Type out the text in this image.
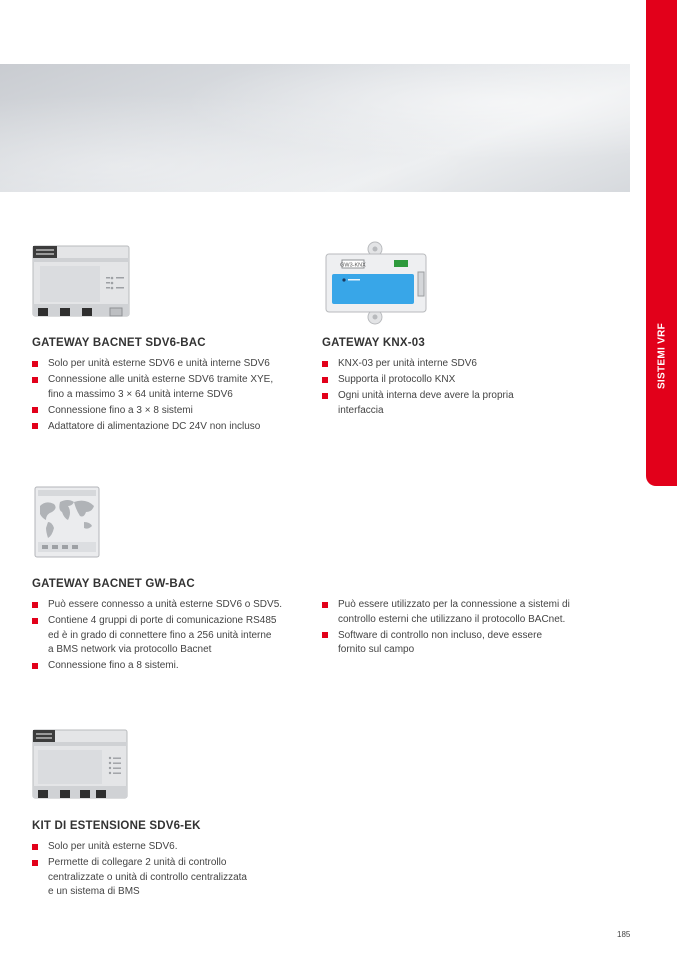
SISTEMI VRF
GATEWAY BACNET SDV6-BAC
Solo per unità esterne SDV6 e unità interne SDV6
Connessione alle unità esterne SDV6 tramite XYE,
fino a massimo 3 × 64 unità interne SDV6
Connessione fino a 3 × 8 sistemi
Adattatore di alimentazione DC 24V non incluso
GW3-KNX
GATEWAY KNX-03
KNX-03 per unità interne SDV6
Supporta il protocollo KNX
Ogni unità interna deve avere la propria
interfaccia
GATEWAY BACNET GW-BAC
Può essere connesso a unità esterne SDV6 o SDV5.
Contiene 4 gruppi di porte di comunicazione RS485
ed è in grado di connettere fino a 256 unità interne
a BMS network via protocollo Bacnet
Connessione fino a 8 sistemi.
Può essere utilizzato per la connessione a sistemi di
controllo esterni che utilizzano il protocollo BACnet.
Software di controllo non incluso, deve essere
fornito sul campo
KIT DI ESTENSIONE SDV6-EK
Solo per unità esterne SDV6.
Permette di collegare 2 unità di controllo
centralizzate o unità di controllo centralizzata
e un sistema di BMS
185
